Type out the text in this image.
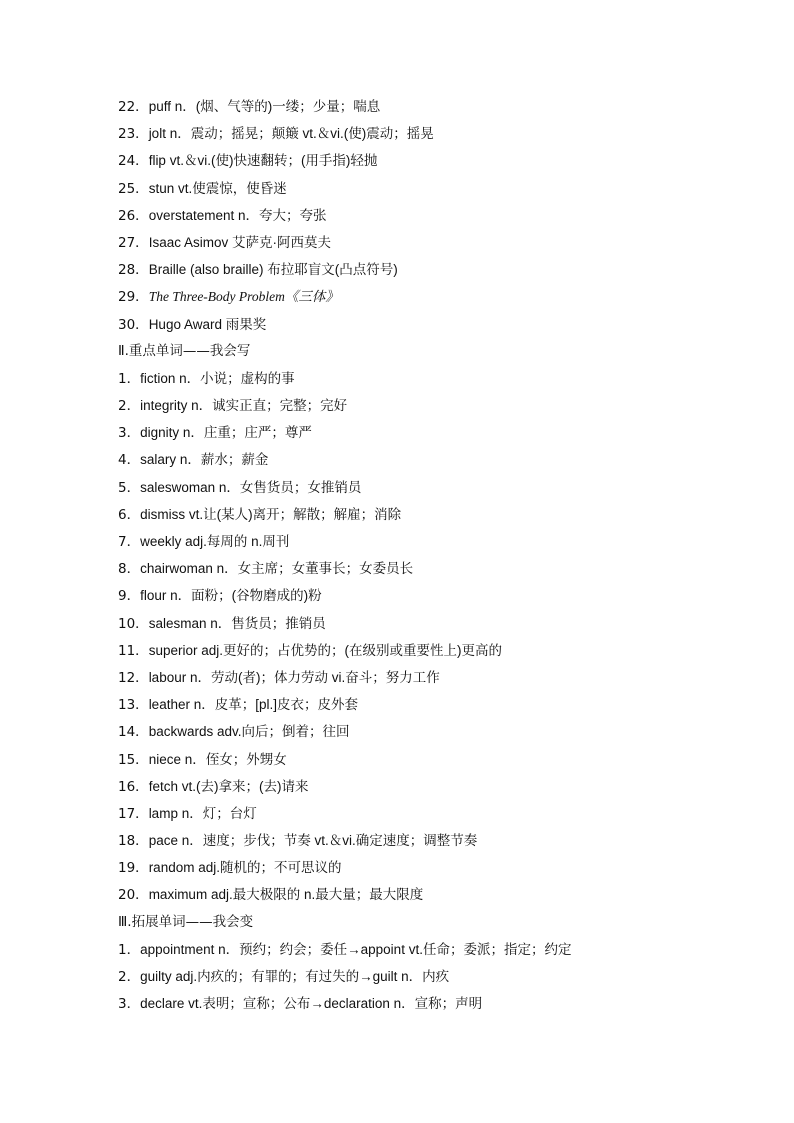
22．puff n．(烟、气等的)一缕；少量；喘息
23．jolt n．震动；摇晃；颠簸 vt.＆vi.(使)震动；摇晃
24．flip vt.＆vi.(使)快速翻转；(用手指)轻抛
25．stun vt.使震惊，使昏迷
26．overstatement n．夸大；夸张
27．Isaac Asimov 艾萨克·阿西莫夫
28．Braille (also braille) 布拉耶盲文(凸点符号)
29．The Three-Body Problem《三体》
30．Hugo Award 雨果奖
Ⅱ.重点单词——我会写
1．fiction n．小说；虚构的事
2．integrity n．诚实正直；完整；完好
3．dignity n．庄重；庄严；尊严
4．salary n．薪水；薪金
5．saleswoman n．女售货员；女推销员
6．dismiss vt.让(某人)离开；解散；解雇；消除
7．weekly adj.每周的 n.周刊
8．chairwoman n．女主席；女董事长；女委员长
9．flour n．面粉；(谷物磨成的)粉
10．salesman n．售货员；推销员
11．superior adj.更好的；占优势的；(在级别或重要性上)更高的
12．labour n．劳动(者)；体力劳动 vi.奋斗；努力工作
13．leather n．皮革；[pl.]皮衣；皮外套
14．backwards adv.向后；倒着；往回
15．niece n．侄女；外甥女
16．fetch vt.(去)拿来；(去)请来
17．lamp n．灯；台灯
18．pace n．速度；步伐；节奏 vt.＆vi.确定速度；调整节奏
19．random adj.随机的；不可思议的
20．maximum adj.最大极限的 n.最大量；最大限度
Ⅲ.拓展单词——我会变
1．appointment n．预约；约会；委任→appoint vt.任命；委派；指定；约定
2．guilty adj.内疚的；有罪的；有过失的→guilt n．内疚
3．declare vt.表明；宣称；公布→declaration n．宣称；声明
